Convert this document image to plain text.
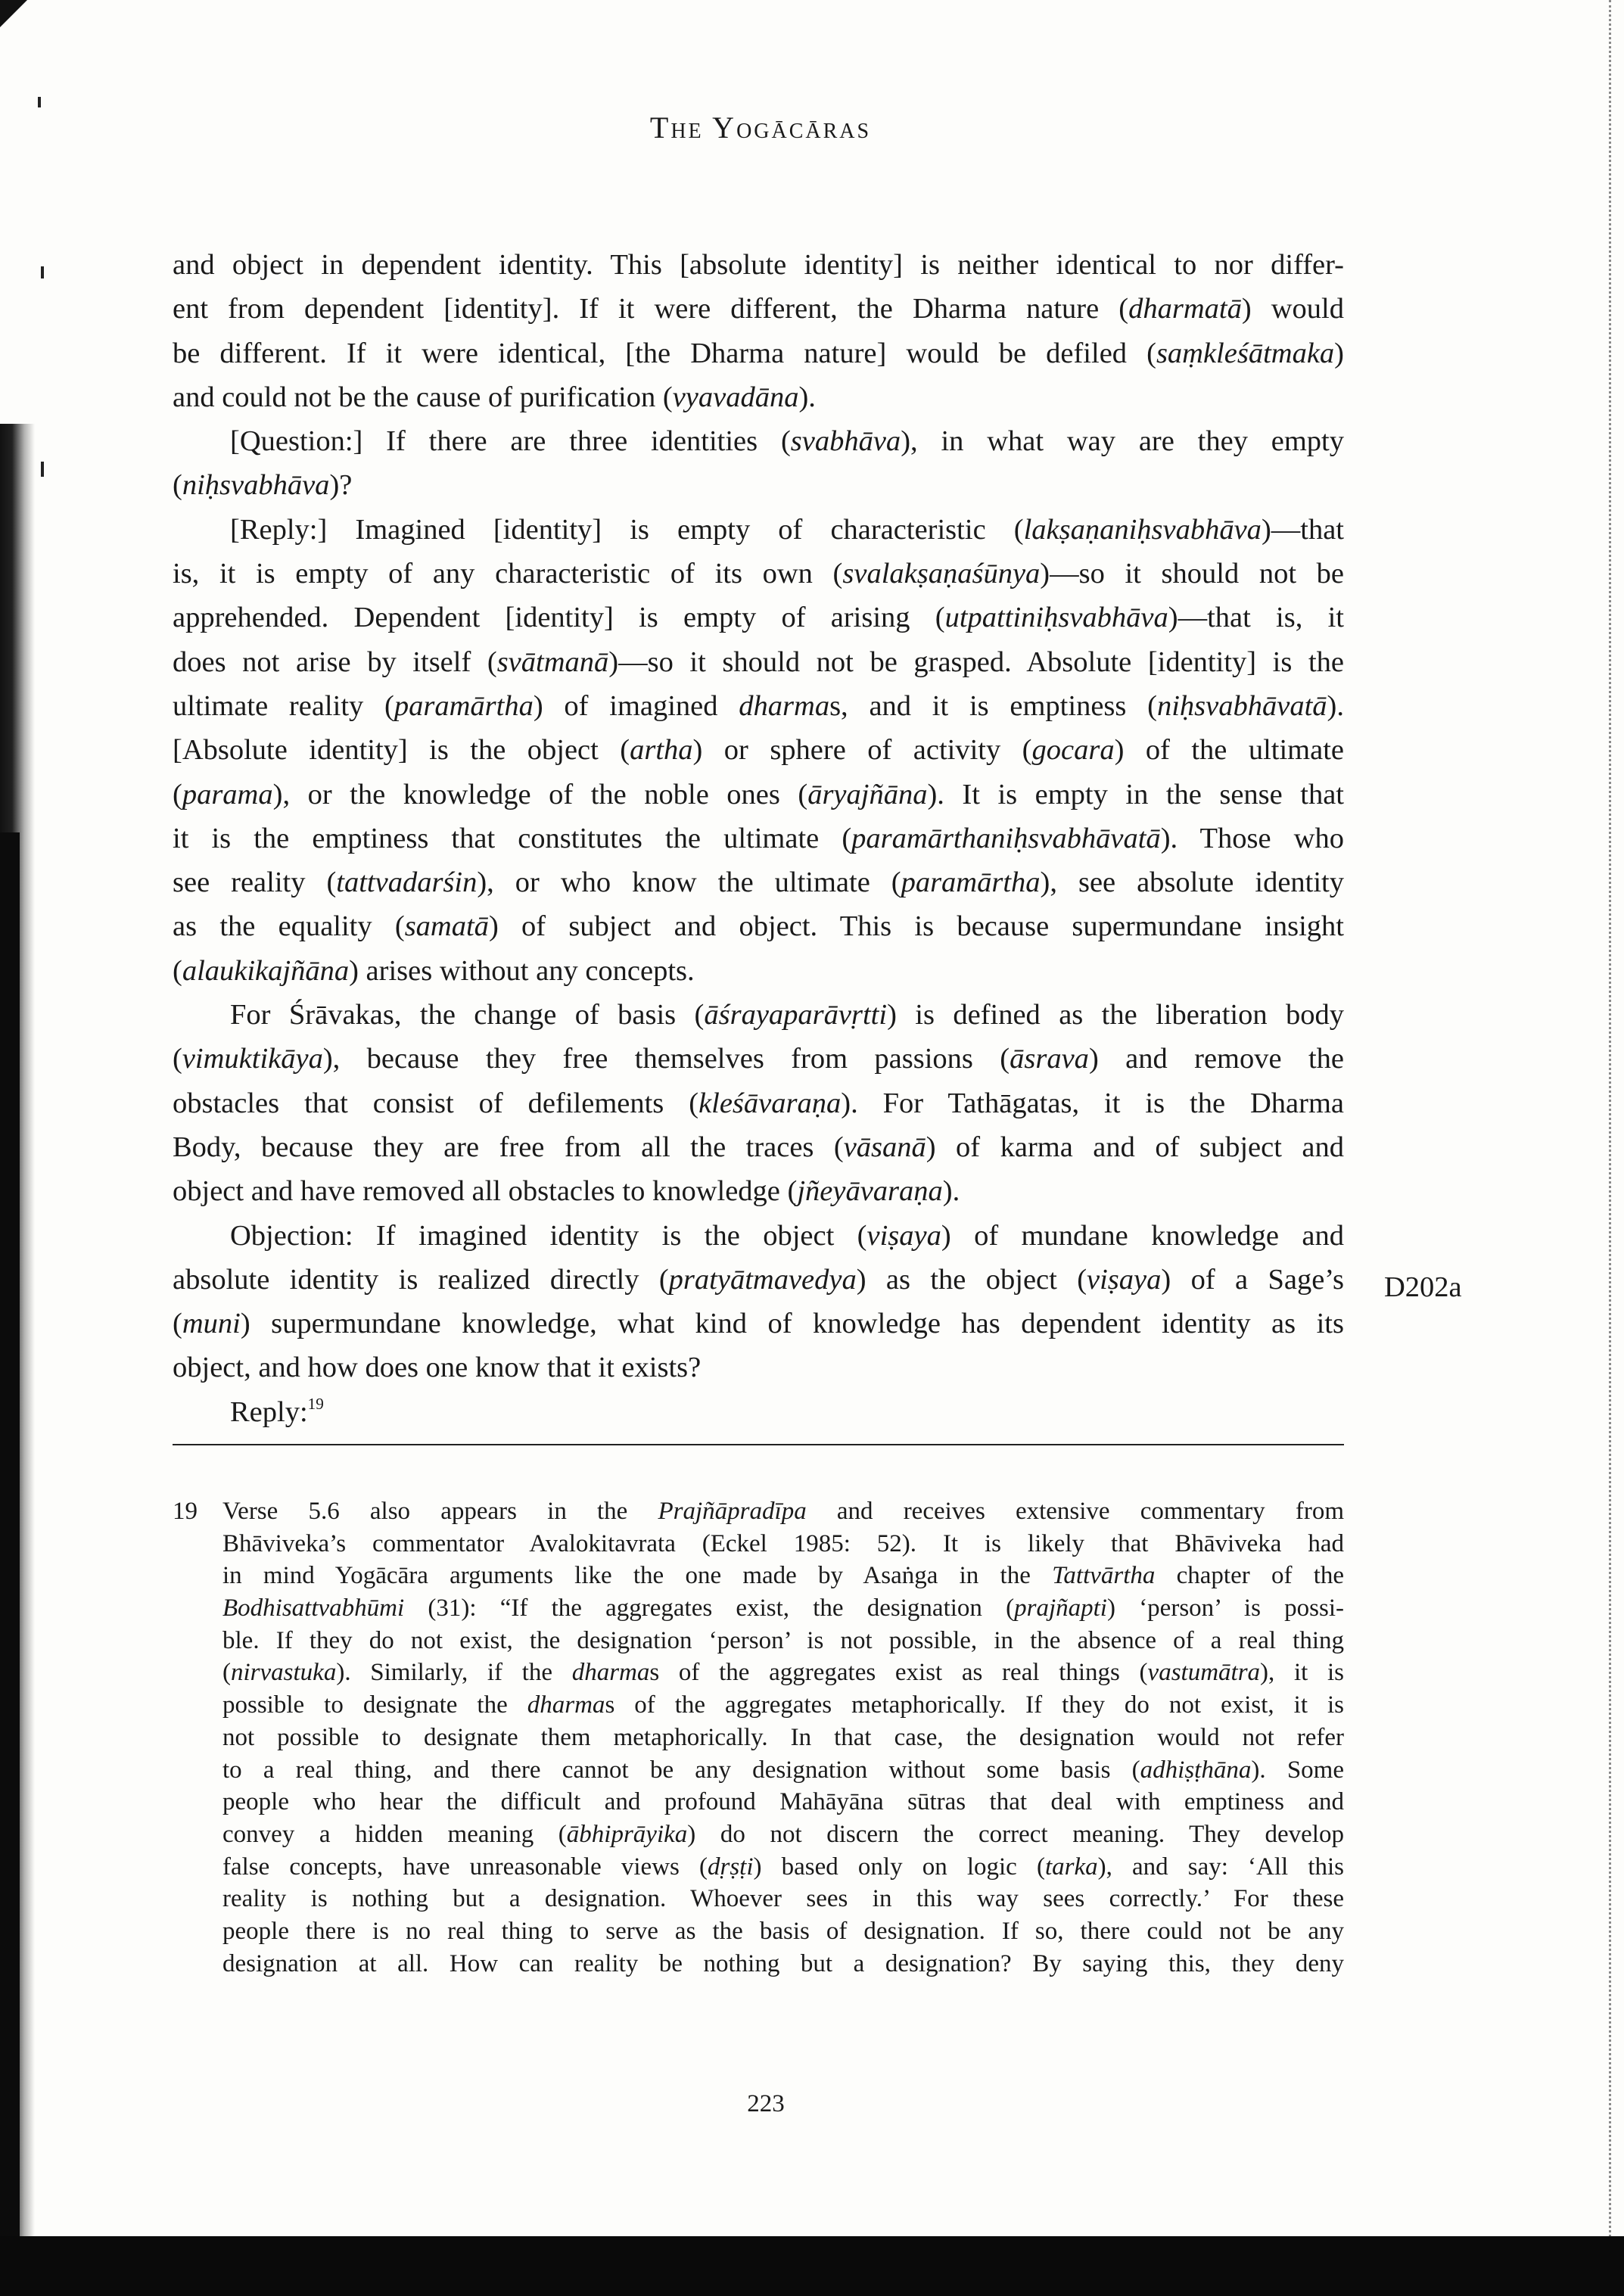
The Yogācāras
and object in dependent identity. This [absolute identity] is neither identical to nor differ-
ent from dependent [identity]. If it were different, the Dharma nature (dharmatā) would
be different. If it were identical, [the Dharma nature] would be defiled (saṃkleśātmaka)
and could not be the cause of purification (vyavadāna).
[Question:] If there are three identities (svabhāva), in what way are they empty
(niḥsvabhāva)?
[Reply:] Imagined [identity] is empty of characteristic (lakṣaṇaniḥsvabhāva)—that
is, it is empty of any characteristic of its own (svalakṣaṇaśūnya)—so it should not be
apprehended. Dependent [identity] is empty of arising (utpattiniḥsvabhāva)—that is, it
does not arise by itself (svātmanā)—so it should not be grasped. Absolute [identity] is the
ultimate reality (paramārtha) of imagined dharmas, and it is emptiness (niḥsvabhāvatā).
[Absolute identity] is the object (artha) or sphere of activity (gocara) of the ultimate
(parama), or the knowledge of the noble ones (āryajñāna). It is empty in the sense that
it is the emptiness that constitutes the ultimate (paramārthaniḥsvabhāvatā). Those who
see reality (tattvadarśin), or who know the ultimate (paramārtha), see absolute identity
as the equality (samatā) of subject and object. This is because supermundane insight
(alaukikajñāna) arises without any concepts.
For Śrāvakas, the change of basis (āśrayaparāvṛtti) is defined as the liberation body
(vimuktikāya), because they free themselves from passions (āsrava) and remove the
obstacles that consist of defilements (kleśāvaraṇa). For Tathāgatas, it is the Dharma
Body, because they are free from all the traces (vāsanā) of karma and of subject and
object and have removed all obstacles to knowledge (jñeyāvaraṇa).
Objection: If imagined identity is the object (viṣaya) of mundane knowledge and
absolute identity is realized directly (pratyātmavedya) as the object (viṣaya) of a Sage’s
(muni) supermundane knowledge, what kind of knowledge has dependent identity as its
object, and how does one know that it exists?
Reply:$^{19}$
D202a
19 Verse 5.6 also appears in the Prajñāpradīpa and receives extensive commentary from
Bhāviveka’s commentator Avalokitavrata (Eckel 1985: 52). It is likely that Bhāviveka had
in mind Yogācāra arguments like the one made by Asaṅga in the Tattvārtha chapter of the
Bodhisattvabhūmi (31): “If the aggregates exist, the designation (prajñapti) ‘person’ is possi-
ble. If they do not exist, the designation ‘person’ is not possible, in the absence of a real thing
(nirvastuka). Similarly, if the dharmas of the aggregates exist as real things (vastumātra), it is
possible to designate the dharmas of the aggregates metaphorically. If they do not exist, it is
not possible to designate them metaphorically. In that case, the designation would not refer
to a real thing, and there cannot be any designation without some basis (adhiṣṭhāna). Some
people who hear the difficult and profound Mahāyāna sūtras that deal with emptiness and
convey a hidden meaning (ābhiprāyika) do not discern the correct meaning. They develop
false concepts, have unreasonable views (dṛṣṭi) based only on logic (tarka), and say: ‘All this
reality is nothing but a designation. Whoever sees in this way sees correctly.’ For these
people there is no real thing to serve as the basis of designation. If so, there could not be any
designation at all. How can reality be nothing but a designation? By saying this, they deny
223
